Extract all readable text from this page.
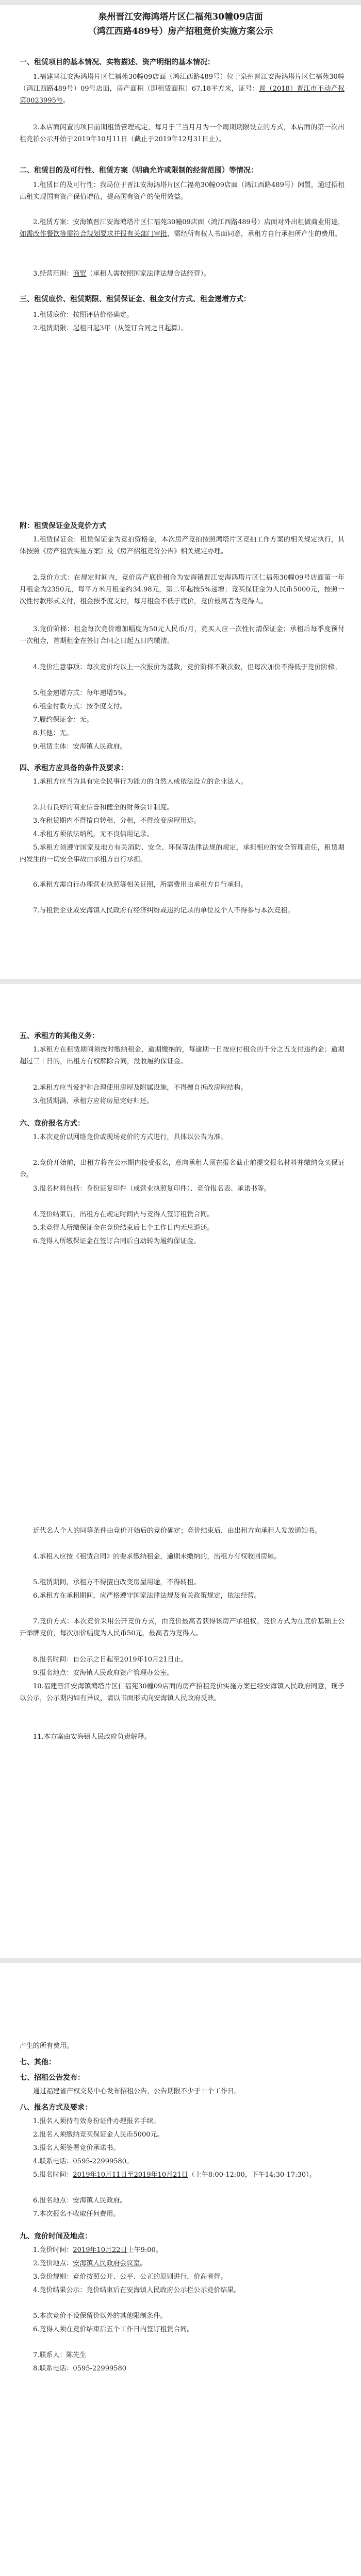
泉州晋江安海鸿塔片区仁福苑30幢09店面
（鸿江西路489号）房产招租竞价实施方案公示

一、租赁项目的基本情况、实物描述、资产明细的基本情况：

1.福建晋江安海鸿塔片区仁福苑30幢09店面（鸿江西路489号）位于泉州晋江安海鸿塔片区仁福苑30幢（鸿江西路489号）09号店面，房产面积（即租赁面积）67.18平方米，证号：晋（2018）晋江市不动产权第0023995号。

2.本店面闲置的项目前期租赁管理规定，每月于三当月月为一个周期期限设立的方式，本店面的第一次出租竞拍公示开始于2019年10月11日（截止于2019年12月31日止）。

二、租赁目的及可行性、租赁方案（明确允许或限制的经营范围）等情况：

1.租赁目的及可行性：我局位于晋江安海鸿塔片区仁福苑30幢09店面（鸿江西路489号）闲置，通过招租出租实现国有资产保值增值，提高国有资产的使用效益。

2.租赁方案：安海镇晋江安海鸿塔片区仁福苑30幢09店面（鸿江西路489号）店面对外出租做商业用途，如需改作餐饮等需符合规划要求并报有关部门审批，需经所有权人书面同意，承租方自行承担所产生的费用。

3.经营范围：商贸（承租人需按照国家法律法规合法经营）。

三、租赁底价、租赁期限、租赁保证金、租金支付方式、租金递增方式：

1.租赁底价：按照评估价格确定。

2.租赁期限：起租日起3年（从签订合同之日起算）。

附：租赁保证金及竞价方式

1.租赁保证金：租赁保证金为竞拍资格金，本次房产竞拍按照鸿塔片区竞拍工作方案的相关规定执行，具体按照《房产租赁实施方案》及《房产招租竞价公告》相关规定办理。

2.竞价方式：在规定时间内，竞价房产底价租金为安海镇晋江安海鸿塔片区仁福苑30幢09号店面第一年月租金为2350元，每平方米月租金约34.98元，第二年起按5%递增；竞买保证金为人民币5000元，按照一次性付款形式支付，租金按季度支付，每月租金不低于底价，竞价最高者为竞得人。

3.竞价阶梯：租金每次竞价增加幅度为50元人民币/月，竞买人应一次性付清保证金；承租后每季度预付一次租金，首期租金在签订合同之日起五日内缴清。

4.竞价注意事项：每次竞价均以上一次报价为基数，竞价阶梯不限次数，但每次加价不得低于竞价阶梯。

5.租金递增方式：每年递增5%。

6.租金付款方式：按季度支付。

7.履约保证金：无。

8.其他：无。

9.租赁主体：安海镇人民政府。

四、承租方应具备的条件及要求：

1.承租方应当为具有完全民事行为能力的自然人或依法设立的企业法人。

2.具有良好的商业信誉和健全的财务会计制度。

3.在租赁期内不得擅自转租、分租，不得改变房屋用途。

4.承租方须依法纳税，无不良信用记录。

5.承租方须遵守国家及地方有关消防、安全、环保等法律法规的规定，承担相应的安全管理责任，租赁期内发生的一切安全事故由承租方自行承担。

6.承租方需自行办理营业执照等相关证照，所需费用由承租方自行承担。

7.与租赁企业或安海镇人民政府有经济纠纷或违约记录的单位及个人不得参与本次竞租。

五、承租方的其他义务：

1.承租方在租赁期间须按时缴纳租金，逾期缴纳的，每逾期一日按应付租金的千分之五支付违约金；逾期超过三十日的，出租方有权解除合同，没收履约保证金。

2.承租方应当爱护和合理使用房屋及附属设施，不得擅自拆改房屋结构。

3.租赁期满，承租方应将房屋完好归还。

六、竞价报名方式：

1.本次竞价以网络竞价或现场竞价的方式进行，具体以公告为准。

2.竞价开始前，出租方将在公示期内接受报名，意向承租人须在报名截止前提交报名材料并缴纳竞买保证金。

3.报名材料包括：身份证复印件（或营业执照复印件）、竞价报名表、承诺书等。

4.竞价结束后，出租方在规定时间内与竞得人签订租赁合同。

5.未竞得人所缴保证金在竞价结束后七个工作日内无息退还。

6.竞得人所缴保证金在签订合同后自动转为履约保证金。

近代名人个人的同等条件由竞价开始后的竞价确定；竞价结束后，由出租方向承租人发放通知书。

4.承租人应按《租赁合同》的要求缴纳租金，逾期未缴纳的，出租方有权收回房屋。

5.租赁期间，承租方不得擅自改变房屋用途，不得转租。

6.承租方在承租期间，应严格遵守国家法律法规及有关政策规定，依法经营。

7.竞价方式：本次竞价采用公开竞价方式，由竞价最高者获得该房产承租权。竞价方式为在底价基础上公开举牌竞价，每次加价幅度为人民币50元，最高者为竞得人。

8.报名时间：自公示之日起至2019年10月21日止。

9.报名地点：安海镇人民政府资产管理办公室。

10.福建晋江安海镇鸿塔片区仁福苑30幢09店面的房产招租竞价实施方案已经安海镇人民政府同意，现予以公示，公示期内如有异议，请以书面形式向安海镇人民政府反映。

11.本方案由安海镇人民政府负责解释。

产生的所有费用。

七、其他：

七、招租公告发布：

通过福建省产权交易中心发布招租公告，公告期限不少于十个工作日。

八、报名方式及要求：

1.报名人须持有效身份证件办理报名手续。

2.报名人须缴纳竞买保证金人民币5000元。

3.报名人须签署竞价承诺书。

4.联系电话：0595-22999580。

5.报名时间：2019年10月11日至2019年10月21日（上午8:00-12:00，下午14:30-17:30）。

6.报名地点：安海镇人民政府。

7.本次报名不收取任何费用。

九、竞价时间及地点：

1.竞价时间：2019年10月22日上午9:00。

2.竞价地点：安海镇人民政府会议室。

3.竞价规则：竞价按照公开、公平、公正的原则进行，价高者得。

4.竞价结果公示：竞价结束后在安海镇人民政府公示栏公示竞价结果。

5.本次竞价不设保留价以外的其他限制条件。

6.竞得人须在竞价结束后五个工作日内签订租赁合同。

7.联系人：陈先生

8.联系电话：0595-22999580
